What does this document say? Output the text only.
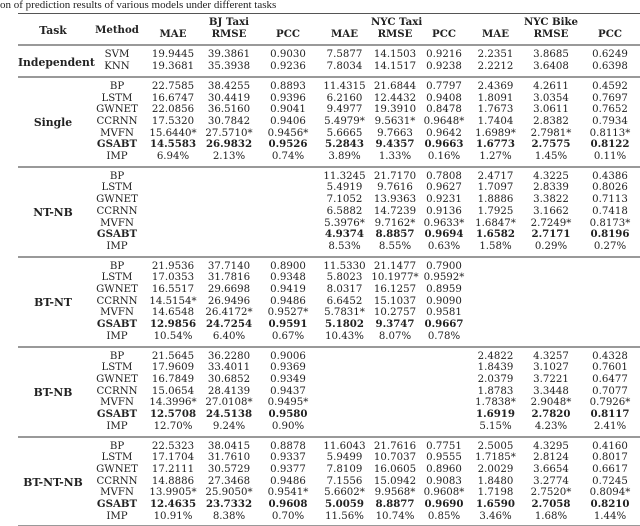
on of prediction results of various models under different tasks
Task	Method		BJ Taxi			NYC Taxi			NYC Bike	
		MAE	RMSE	PCC	MAE	RMSE	PCC	MAE	RMSE	PCC
Independent	SVM	19.9445	39.3861	0.9030	7.5877	14.1503	0.9216	2.2351	3.8685	0.6249
	KNN	19.3681	35.3938	0.9236	7.8034	14.1517	0.9238	2.2212	3.6408	0.6398
Single	BP	22.7585	38.4255	0.8893	11.4315	21.6844	0.7797	2.4369	4.2611	0.4592
	LSTM	16.6747	30.4419	0.9396	6.2160	12.4432	0.9408	1.8091	3.0354	0.7697
	GWNET	22.0856	36.5160	0.9041	9.4977	19.3910	0.8478	1.7673	3.0611	0.7652
	CCRNN	17.5320	30.7842	0.9406	5.4979*	9.5631*	0.9648*	1.7404	2.8382	0.7934
	MVFN	15.6440*	27.5710*	0.9456*	5.6665	9.7663	0.9642	1.6989*	2.7981*	0.8113*
	GSABT	14.5583	26.9832	0.9526	5.2843	9.4357	0.9663	1.6773	2.7575	0.8122
	IMP	6.94%	2.13%	0.74%	3.89%	1.33%	0.16%	1.27%	1.45%	0.11%
NT-NB	BP				11.3245	21.7170	0.7808	2.4717	4.3225	0.4386
	LSTM				5.4919	9.7616	0.9627	1.7097	2.8339	0.8026
	GWNET				7.1052	13.9363	0.9231	1.8886	3.3822	0.7113
	CCRNN				6.5882	14.7239	0.9136	1.7925	3.1662	0.7418
	MVFN				5.3976*	9.7162*	0.9633*	1.6847*	2.7249*	0.8173*
	GSABT				4.9374	8.8857	0.9694	1.6582	2.7171	0.8196
	IMP				8.53%	8.55%	0.63%	1.58%	0.29%	0.27%
BT-NT	BP	21.9536	37.7140	0.8900	11.5330	21.1477	0.7900			
	LSTM	17.0353	31.7816	0.9348	5.8023	10.1977*	0.9592*			
	GWNET	16.5517	29.6698	0.9419	8.0317	16.1257	0.8959			
	CCRNN	14.5154*	26.9496	0.9486	6.6452	15.1037	0.9090			
	MVFN	14.6548	26.4172*	0.9527*	5.7831*	10.2757	0.9581			
	GSABT	12.9856	24.7254	0.9591	5.1802	9.3747	0.9667			
	IMP	10.54%	6.40%	0.67%	10.43%	8.07%	0.78%			
BT-NB	BP	21.5645	36.2280	0.9006				2.4822	4.3257	0.4328
	LSTM	17.9609	33.4011	0.9369				1.8439	3.1027	0.7601
	GWNET	16.7849	30.6852	0.9349				2.0379	3.7221	0.6477
	CCRNN	15.0654	28.4139	0.9437				1.8783	3.3448	0.7077
	MVFN	14.3996*	27.0108*	0.9495*				1.7838*	2.9048*	0.7926*
	GSABT	12.5708	24.5138	0.9580				1.6919	2.7820	0.8117
	IMP	12.70%	9.24%	0.90%				5.15%	4.23%	2.41%
BT-NT-NB	BP	22.5323	38.0415	0.8878	11.6043	21.7616	0.7751	2.5005	4.3295	0.4160
	LSTM	17.1704	31.7610	0.9337	5.9499	10.7037	0.9555	1.7185*	2.8124	0.8017
	GWNET	17.2111	30.5729	0.9377	7.8109	16.0605	0.8960	2.0029	3.6654	0.6617
	CCRNN	14.8886	27.3468	0.9486	7.1556	15.0942	0.9083	1.8480	3.2774	0.7245
	MVFN	13.9905*	25.9050*	0.9541*	5.6602*	9.9568*	0.9608*	1.7198	2.7520*	0.8094*
	GSABT	12.4635	23.7332	0.9608	5.0059	8.8877	0.9690	1.6590	2.7058	0.8210
	IMP	10.91%	8.38%	0.70%	11.56%	10.74%	0.85%	3.46%	1.68%	1.44%
